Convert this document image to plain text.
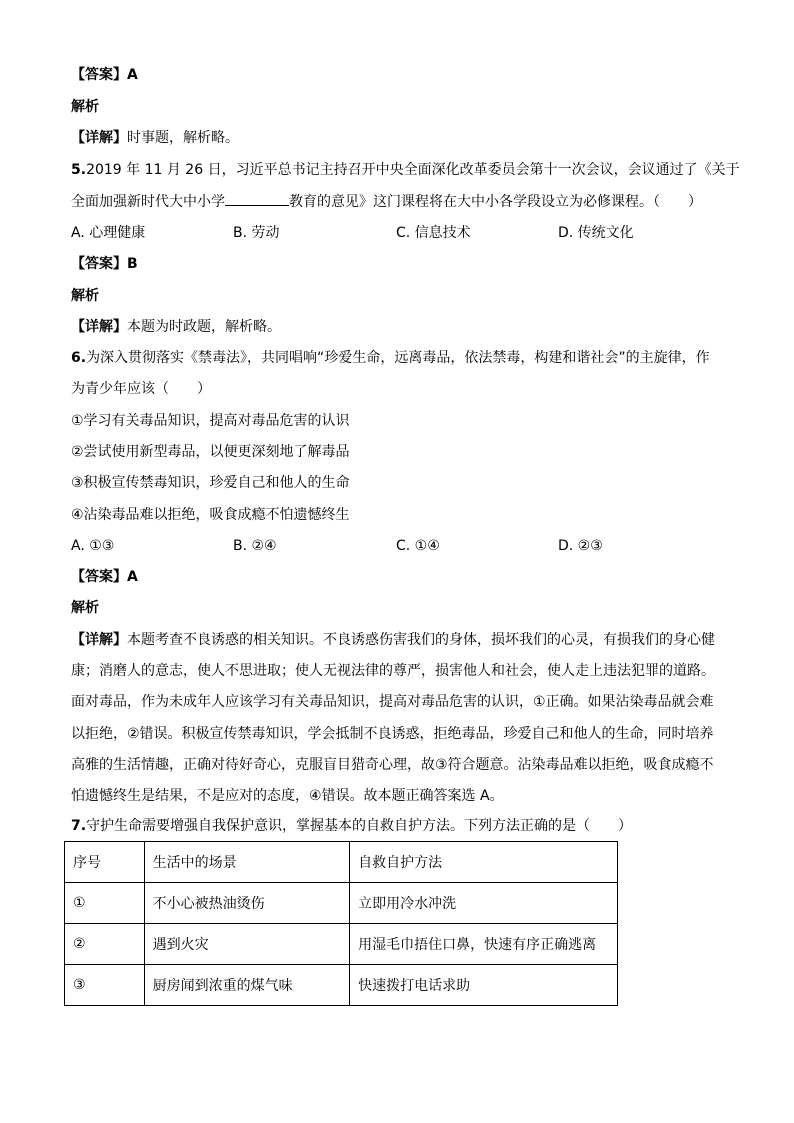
【答案】A
解析
【详解】时事题，解析略。
5.2019 年 11 月 26 日，习近平总书记主持召开中央全面深化改革委员会第十一次会议，会议通过了《关于
全面加强新时代大中小学	教育的意见》这门课程将在大中小各学段设立为必修课程。（　　）
A. 心理健康	B. 劳动	C. 信息技术	D. 传统文化
【答案】B
解析
【详解】本题为时政题，解析略。
6.为深入贯彻落实《禁毒法》，共同唱响“珍爱生命，远离毒品，依法禁毒，构建和谐社会”的主旋律，作
为青少年应该（　　）
①学习有关毒品知识，提高对毒品危害的认识
②尝试使用新型毒品，以便更深刻地了解毒品
③积极宣传禁毒知识，珍爱自己和他人的生命
④沾染毒品难以拒绝，吸食成瘾不怕遗憾终生
A. ①③	B. ②④	C. ①④	D. ②③
【答案】A
解析
【详解】本题考查不良诱惑的相关知识。不良诱惑伤害我们的身体，损坏我们的心灵，有损我们的身心健
康；消磨人的意志，使人不思进取；使人无视法律的尊严，损害他人和社会，使人走上违法犯罪的道路。
面对毒品，作为未成年人应该学习有关毒品知识，提高对毒品危害的认识，①正确。如果沾染毒品就会难
以拒绝，②错误。积极宣传禁毒知识，学会抵制不良诱惑，拒绝毒品，珍爱自己和他人的生命，同时培养
高雅的生活情趣，正确对待好奇心，克服盲目猎奇心理，故③符合题意。沾染毒品难以拒绝，吸食成瘾不
怕遗憾终生是结果，不是应对的态度，④错误。故本题正确答案选 A。
7.守护生命需要增强自我保护意识，掌握基本的自救自护方法。下列方法正确的是（　　）
序号	生活中的场景	自救自护方法
①	不小心被热油烫伤	立即用冷水冲洗
②	遇到火灾	用湿毛巾捂住口鼻，快速有序正确逃离
③	厨房闻到浓重的煤气味	快速拨打电话求助
